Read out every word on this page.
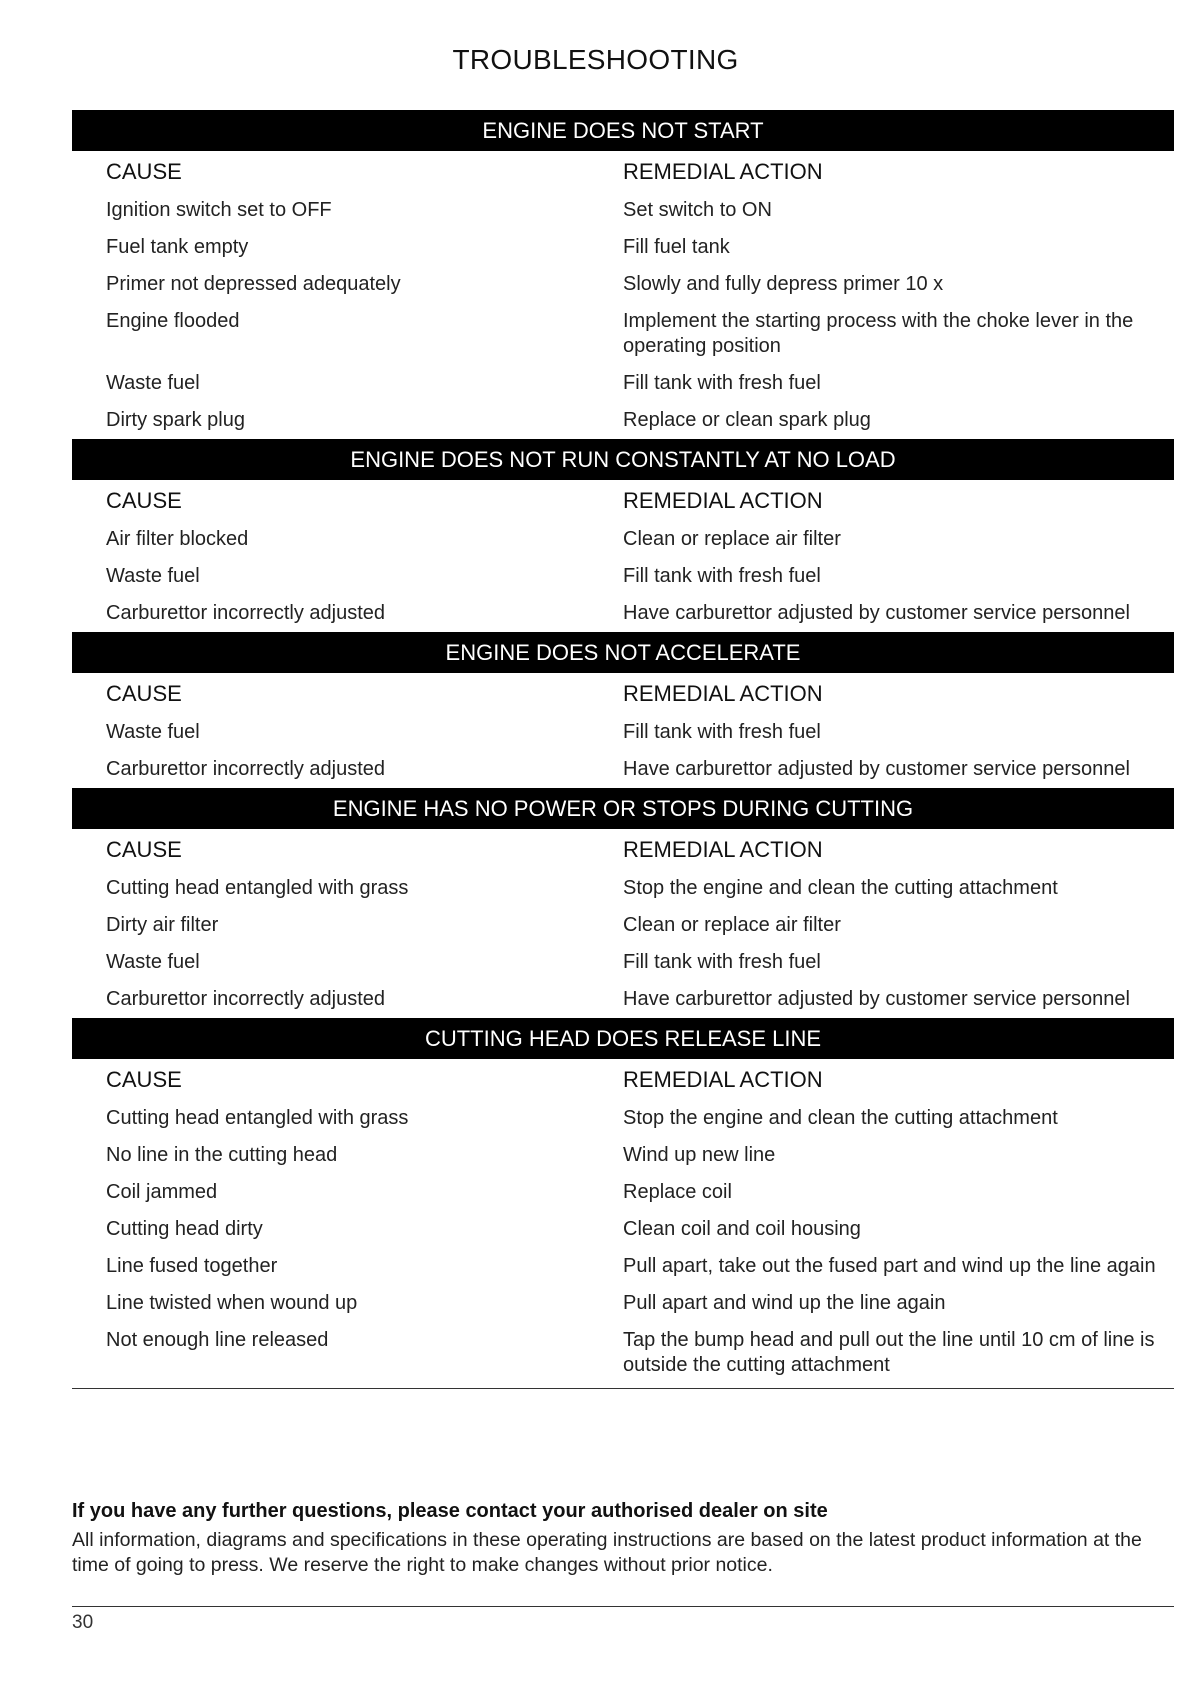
TROUBLESHOOTING
ENGINE DOES NOT START
CAUSE	REMEDIAL ACTION
Ignition switch set to OFF	Set switch to ON
Fuel tank empty	Fill fuel tank
Primer not depressed adequately	Slowly and fully depress primer 10 x
Engine flooded	Implement the starting process with the choke lever in the operating position
Waste fuel	Fill tank with fresh fuel
Dirty spark plug	Replace or clean spark plug
ENGINE DOES NOT RUN CONSTANTLY AT NO LOAD
CAUSE	REMEDIAL ACTION
Air filter blocked	Clean or replace air filter
Waste fuel	Fill tank with fresh fuel
Carburettor incorrectly adjusted	Have carburettor adjusted by customer service personnel
ENGINE DOES NOT ACCELERATE
CAUSE	REMEDIAL ACTION
Waste fuel	Fill tank with fresh fuel
Carburettor incorrectly adjusted	Have carburettor adjusted by customer service personnel
ENGINE HAS NO POWER OR STOPS DURING CUTTING
CAUSE	REMEDIAL ACTION
Cutting head entangled with grass	Stop the engine and clean the cutting attachment
Dirty air filter	Clean or replace air filter
Waste fuel	Fill tank with fresh fuel
Carburettor incorrectly adjusted	Have carburettor adjusted by customer service personnel
CUTTING HEAD DOES RELEASE LINE
CAUSE	REMEDIAL ACTION
Cutting head entangled with grass	Stop the engine and clean the cutting attachment
No line in the cutting head	Wind up new line
Coil jammed	Replace coil
Cutting head dirty	Clean coil and coil housing
Line fused together	Pull apart, take out the fused part and wind up the line again
Line twisted when wound up	Pull apart and wind up the line again
Not enough line released	Tap the bump head and pull out the line until 10 cm of line is outside the cutting attachment
If you have any further questions, please contact your authorised dealer on site
All information, diagrams and specifications in these operating instructions are based on the latest product information at the time of going to press. We reserve the right to make changes without prior notice.
30
